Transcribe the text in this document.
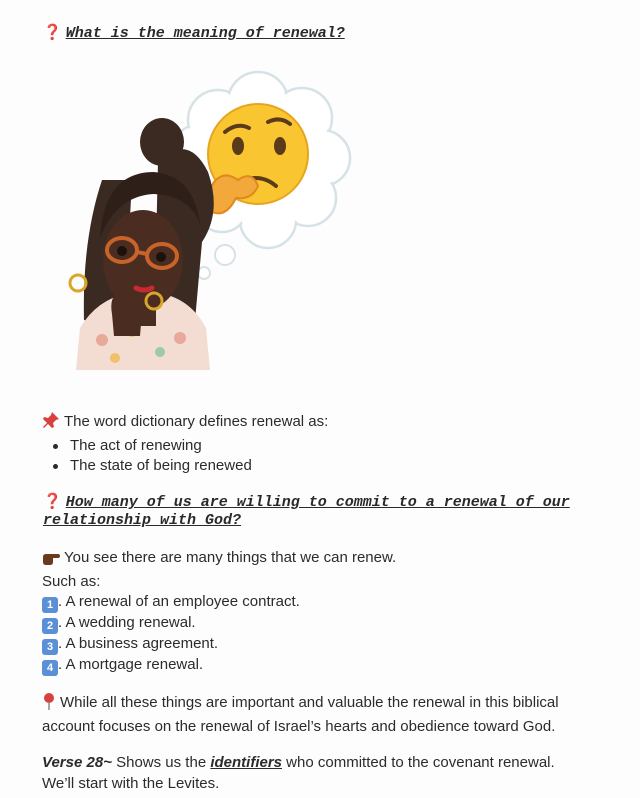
❓ What is the meaning of renewal?
The word dictionary defines renewal as:
The act of renewing
The state of being renewed
❓ How many of us are willing to commit to a renewal of our
relationship with God?
You see there are many things that we can renew.
Such as:
1 . A renewal of an employee contract.
2 . A wedding renewal.
3 . A business agreement.
4 . A mortgage renewal.
While all these things are important and valuable the renewal in this biblical
account focuses on the renewal of Israel’s hearts and obedience toward God.
Verse 28~ Shows us the identifiers who committed to the covenant renewal.
We’ll start with the Levites.
